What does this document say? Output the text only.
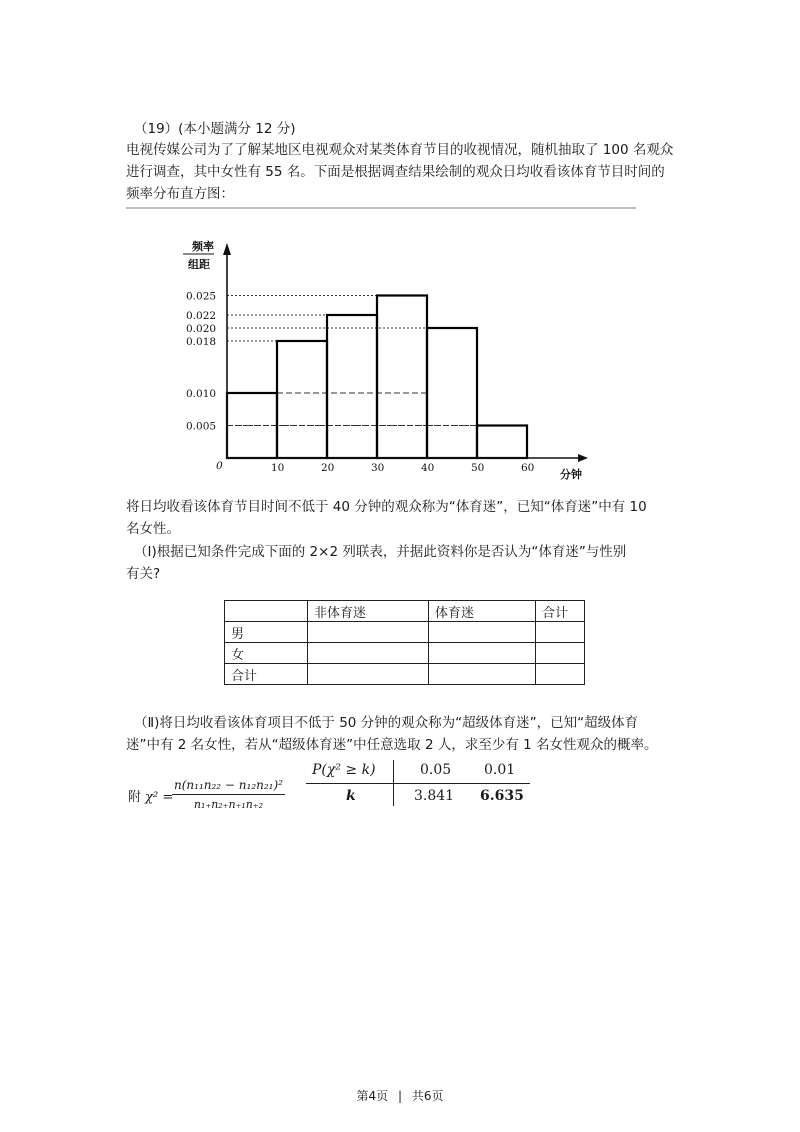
（19）(本小题满分 12 分)
电视传媒公司为了了解某地区电视观众对某类体育节目的收视情况，随机抽取了 100 名观众
进行调查，其中女性有 55 名。下面是根据调查结果绘制的观众日均收看该体育节目时间的
频率分布直方图：
0.025
0.022
0.020
0.018
0.010
0.005
10	20	30	40	50	60
频率
组距
分钟
0
将日均收看该体育节目时间不低于 40 分钟的观众称为“体育迷”，已知“体育迷”中有 10
名女性。
（Ⅰ)根据已知条件完成下面的 2×2 列联表，并据此资料你是否认为“体育迷”与性别
有关?
	非体育迷	体育迷	合计
男			
女			
合计			
（Ⅱ)将日均收看该体育项目不低于 50 分钟的观众称为“超级体育迷”，已知“超级体育
迷”中有 2 名女性，若从“超级体育迷”中任意选取 2 人，求至少有 1 名女性观众的概率。
附 χ² =
$\frac{\text{n(n₁₁n₂₂ − n₁₂n₂₁)²}}{\text{n₁₊n₂₊n₊₁n₊₂}}$
P(χ² ≥ k)	0.05 0.01
k	3.841 6.635
第4页 | 共6页
